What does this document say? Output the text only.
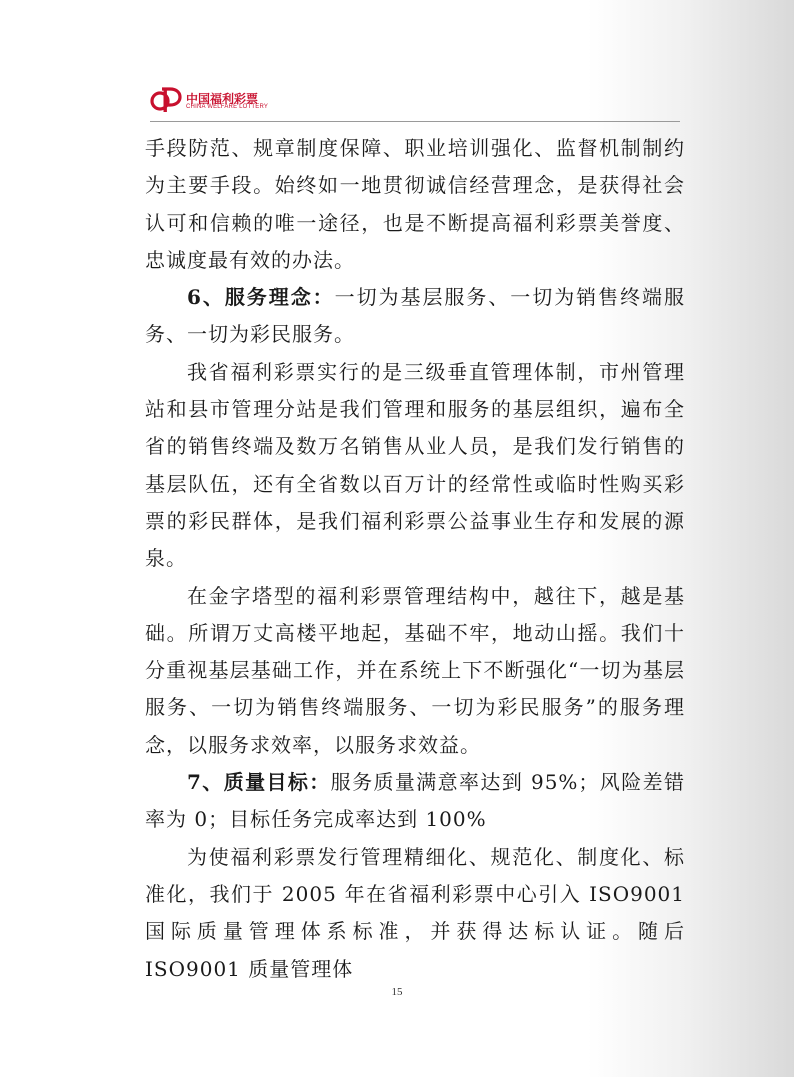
中国福利彩票
CHINA WELFARE LOTTERY

手段防范、规章制度保障、职业培训强化、监督机制制约为主要手段。始终如一地贯彻诚信经营理念，是获得社会认可和信赖的唯一途径，也是不断提高福利彩票美誉度、忠诚度最有效的办法。

6、服务理念：一切为基层服务、一切为销售终端服务、一切为彩民服务。

我省福利彩票实行的是三级垂直管理体制，市州管理站和县市管理分站是我们管理和服务的基层组织，遍布全省的销售终端及数万名销售从业人员，是我们发行销售的基层队伍，还有全省数以百万计的经常性或临时性购买彩票的彩民群体，是我们福利彩票公益事业生存和发展的源泉。

在金字塔型的福利彩票管理结构中，越往下，越是基础。所谓万丈高楼平地起，基础不牢，地动山摇。我们十分重视基层基础工作，并在系统上下不断强化“一切为基层服务、一切为销售终端服务、一切为彩民服务”的服务理念，以服务求效率，以服务求效益。

7、质量目标：服务质量满意率达到 95%；风险差错率为 0；目标任务完成率达到 100%

为使福利彩票发行管理精细化、规范化、制度化、标准化，我们于 2005 年在省福利彩票中心引入 ISO9001 国际质量管理体系标准，并获得达标认证。随后 ISO9001 质量管理体

15
